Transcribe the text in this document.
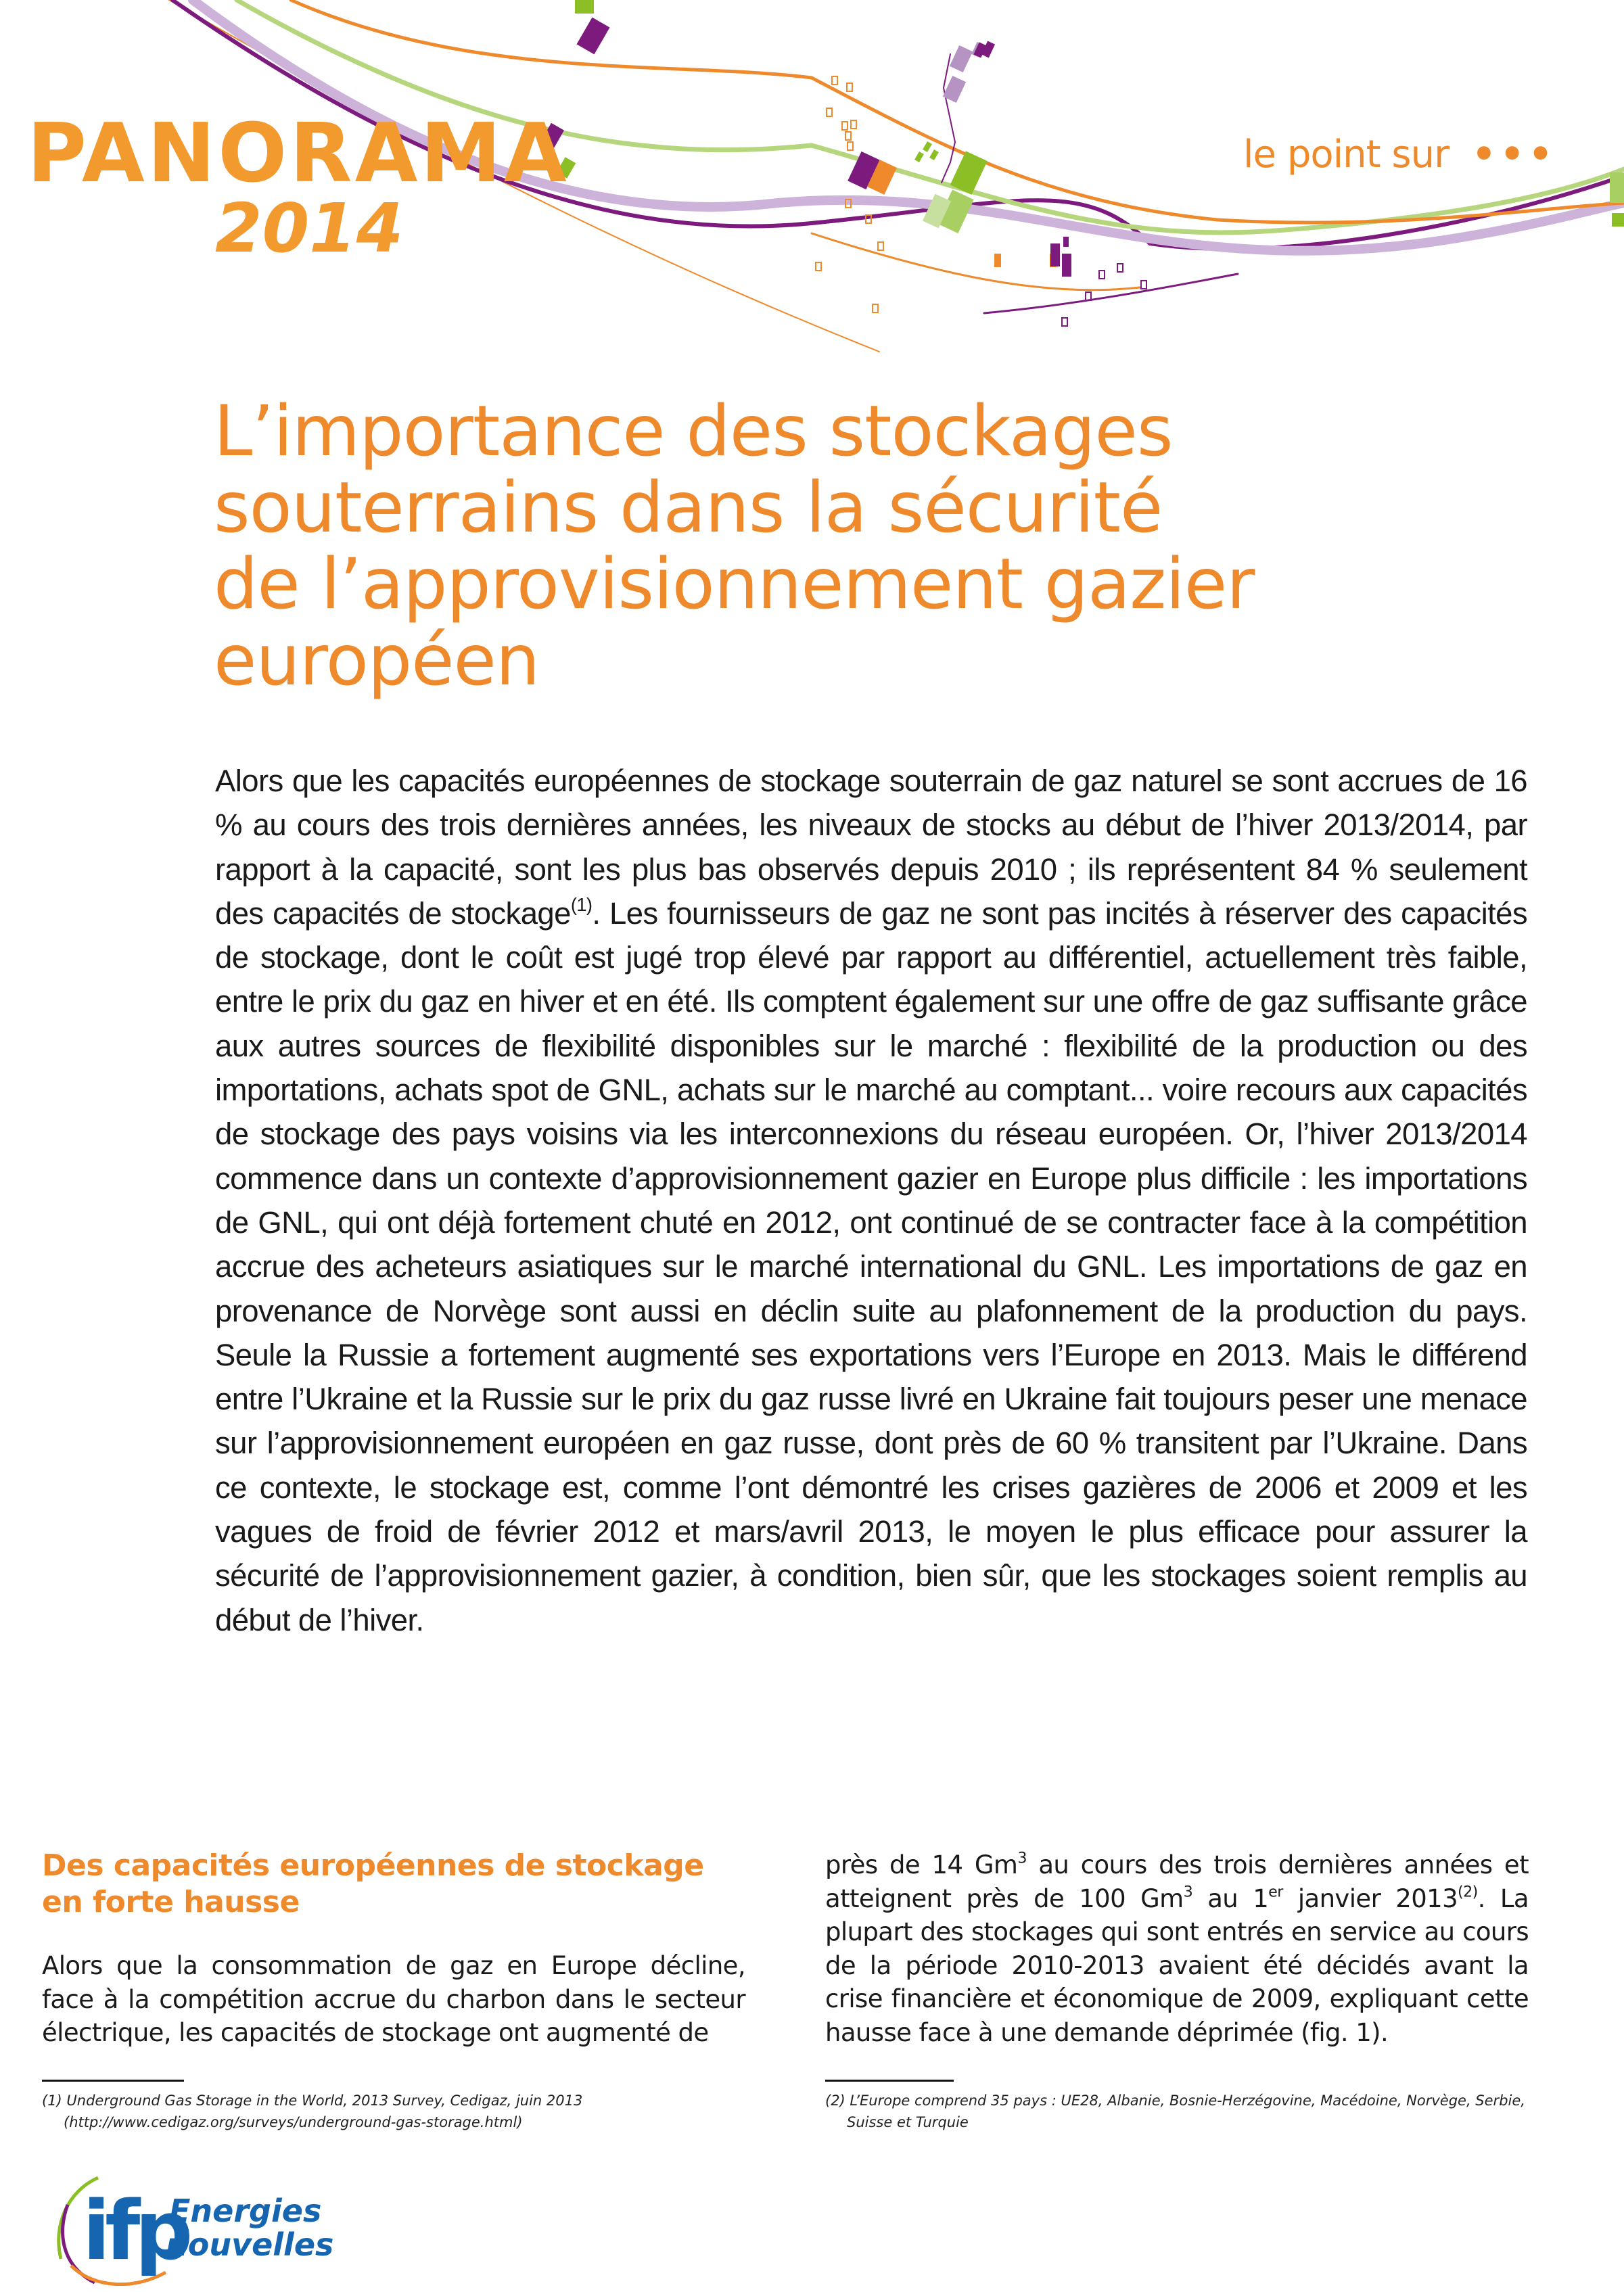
PANORAMA
2014
le point sur •••
L’importance des stockages
souterrains dans la sécurité
de l’approvisionnement gazier
européen

Alors que les capacités européennes de stockage souterrain de gaz naturel se sont accrues de 16 % au cours des trois dernières années, les niveaux de stocks au début de l’hiver 2013/2014, par rapport à la capacité, sont les plus bas observés depuis 2010 ; ils représentent 84 % seulement des capacités de stockage$^{(1)}$. Les fournisseurs de gaz ne sont pas incités à réserver des capacités de stockage, dont le coût est jugé trop élevé par rapport au différentiel, actuellement très faible, entre le prix du gaz en hiver et en été. Ils comptent également sur une offre de gaz suffisante grâce aux autres sources de flexibilité disponibles sur le marché : flexibilité de la production ou des importations, achats spot de GNL, achats sur le marché au comptant... voire recours aux capacités de stockage des pays voisins via les interconnexions du réseau européen. Or, l’hiver 2013/2014 commence dans un contexte d’approvisionnement gazier en Europe plus difficile : les importations de GNL, qui ont déjà fortement chuté en 2012, ont continué de se contracter face à la compétition accrue des acheteurs asiatiques sur le marché international du GNL. Les importations de gaz en provenance de Norvège sont aussi en déclin suite au plafonnement de la production du pays. Seule la Russie a fortement augmenté ses exportations vers l’Europe en 2013. Mais le différend entre l’Ukraine et la Russie sur le prix du gaz russe livré en Ukraine fait toujours peser une menace sur l’approvisionnement européen en gaz russe, dont près de 60 % transitent par l’Ukraine. Dans ce contexte, le stockage est, comme l’ont démontré les crises gazières de 2006 et 2009 et les vagues de froid de février 2012 et mars/avril 2013, le moyen le plus efficace pour assurer la sécurité de l’approvisionnement gazier, à condition, bien sûr, que les stockages soient remplis au début de l’hiver.

Des capacités européennes de stockage
en forte hausse

Alors que la consommation de gaz en Europe décline, face à la compétition accrue du charbon dans le secteur électrique, les capacités de stockage ont augmenté de

près de 14 Gm$^3$ au cours des trois dernières années et atteignent près de 100 Gm$^3$ au 1er janvier 2013$^{(2)}$. La plupart des stockages qui sont entrés en service au cours de la période 2010-2013 avaient été décidés avant la crise financière et économique de 2009, expliquant cette hausse face à une demande déprimée (fig. 1).

(1) Underground Gas Storage in the World, 2013 Survey, Cedigaz, juin 2013
(http://www.cedigaz.org/surveys/underground-gas-storage.html)

(2) L’Europe comprend 35 pays : UE28, Albanie, Bosnie-Herzégovine, Macédoine, Norvège, Serbie,
Suisse et Turquie

ifp
Energies
nouvelles
